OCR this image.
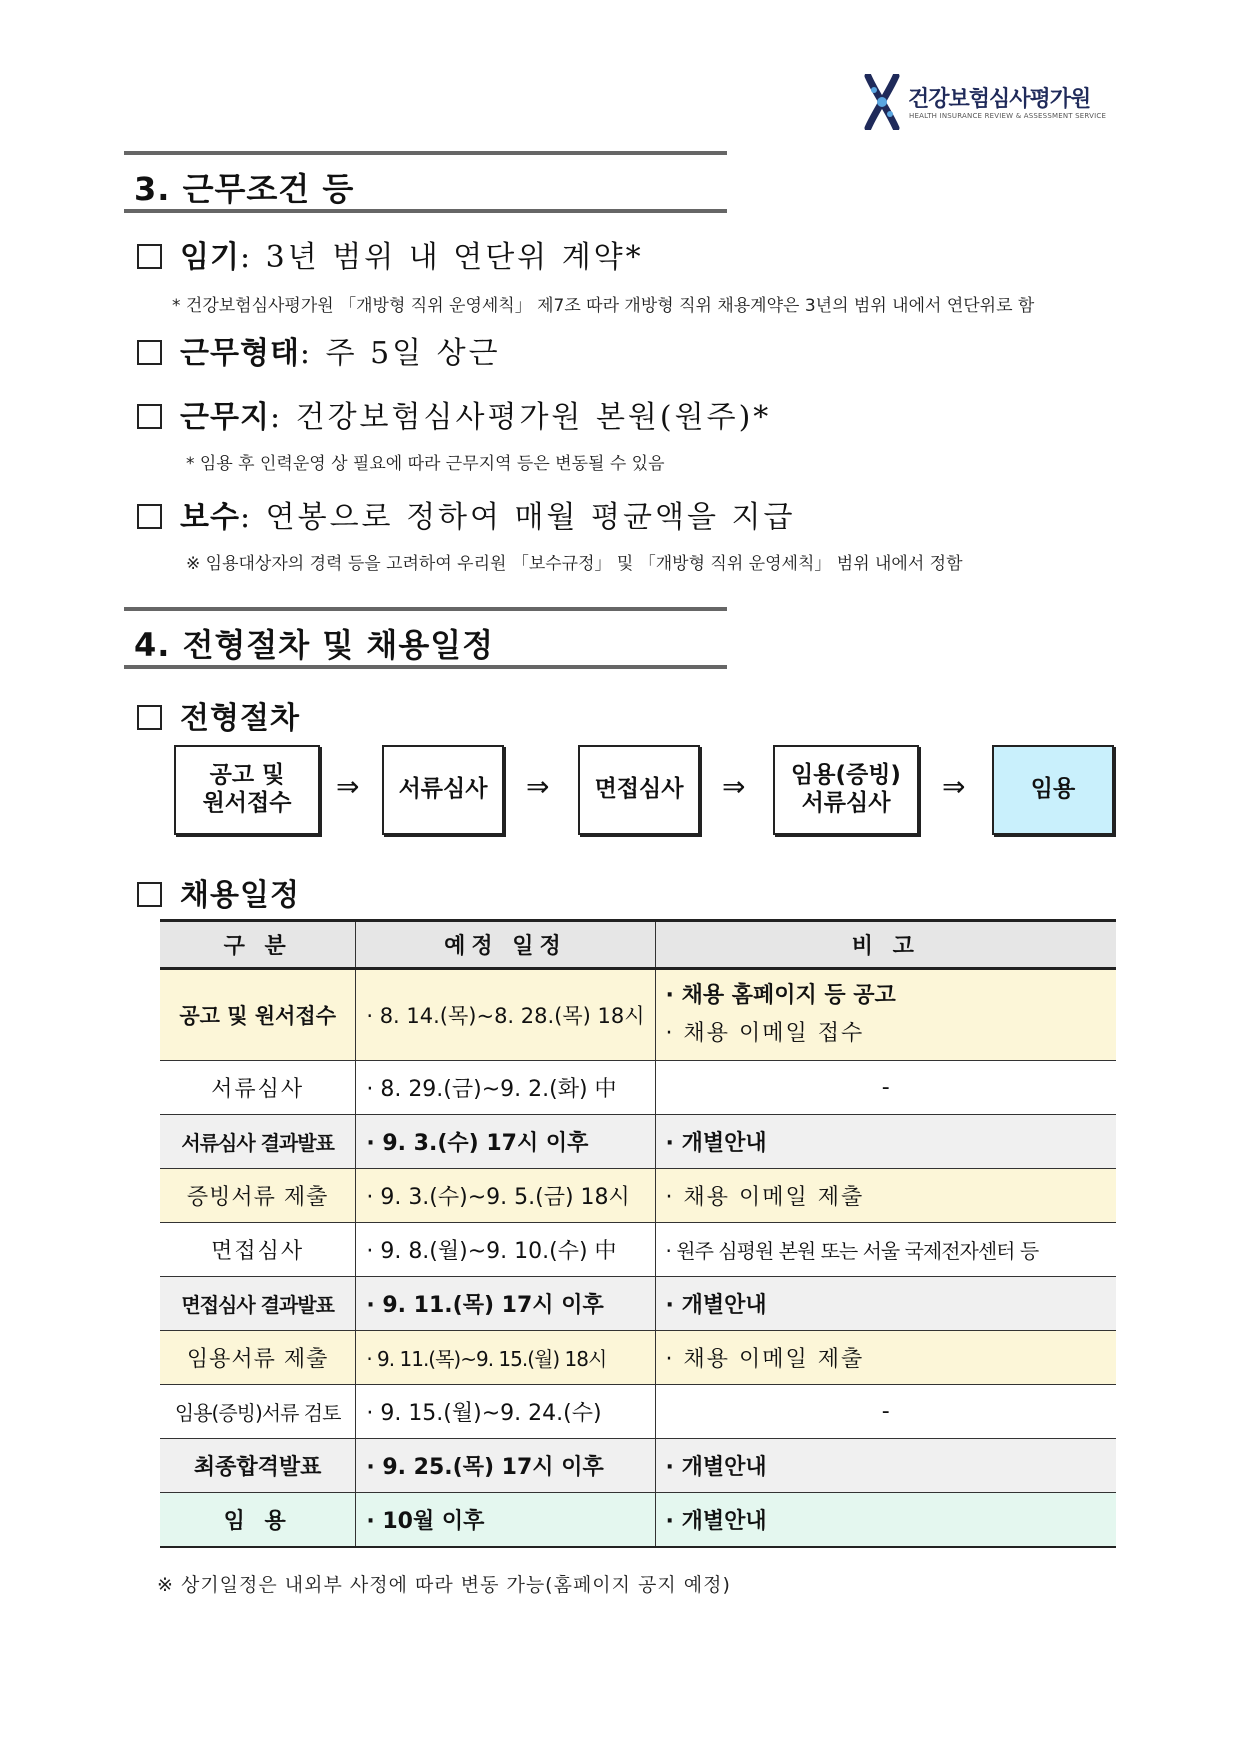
건강보험심사평가원
HEALTH INSURANCE REVIEW & ASSESSMENT SERVICE
3. 근무조건 등
임기: 3년 범위 내 연단위 계약*
* 건강보험심사평가원 「개방형 직위 운영세칙」 제7조 따라 개방형 직위 채용계약은 3년의 범위 내에서 연단위로 함
근무형태: 주 5일 상근
근무지: 건강보험심사평가원 본원(원주)*
* 임용 후 인력운영 상 필요에 따라 근무지역 등은 변동될 수 있음
보수: 연봉으로 정하여 매월 평균액을 지급
※ 임용대상자의 경력 등을 고려하여 우리원 「보수규정」 및 「개방형 직위 운영세칙」 범위 내에서 정함
4. 전형절차 및 채용일정
전형절차
공고 및
원서접수 ⇒ 서류심사 ⇒ 면접심사 ⇒ 임용(증빙)
서류심사	⇒	임용
채용일정
구 분	예정 일정	비 고
공고 및 원서접수	· 8. 14.(목)~8. 28.(목) 18시	· 채용 홈페이지 등 공고
· 채용 이메일 접수

서류심사	· 8. 29.(금)~9. 2.(화) 中	-
서류심사 결과발표	· 9. 3.(수) 17시 이후	· 개별안내
증빙서류 제출	· 9. 3.(수)~9. 5.(금) 18시	· 채용 이메일 제출
면접심사	· 9. 8.(월)~9. 10.(수) 中	· 원주 심평원 본원 또는 서울 국제전자센터 등
면접심사 결과발표	· 9. 11.(목) 17시 이후	· 개별안내
임용서류 제출	· 9. 11.(목)~9. 15.(월) 18시	· 채용 이메일 제출
임용(증빙)서류 검토	· 9. 15.(월)~9. 24.(수)	-
최종합격발표	· 9. 25.(목) 17시 이후	· 개별안내
임 용	· 10월 이후	· 개별안내
※ 상기일정은 내외부 사정에 따라 변동 가능(홈페이지 공지 예정)
